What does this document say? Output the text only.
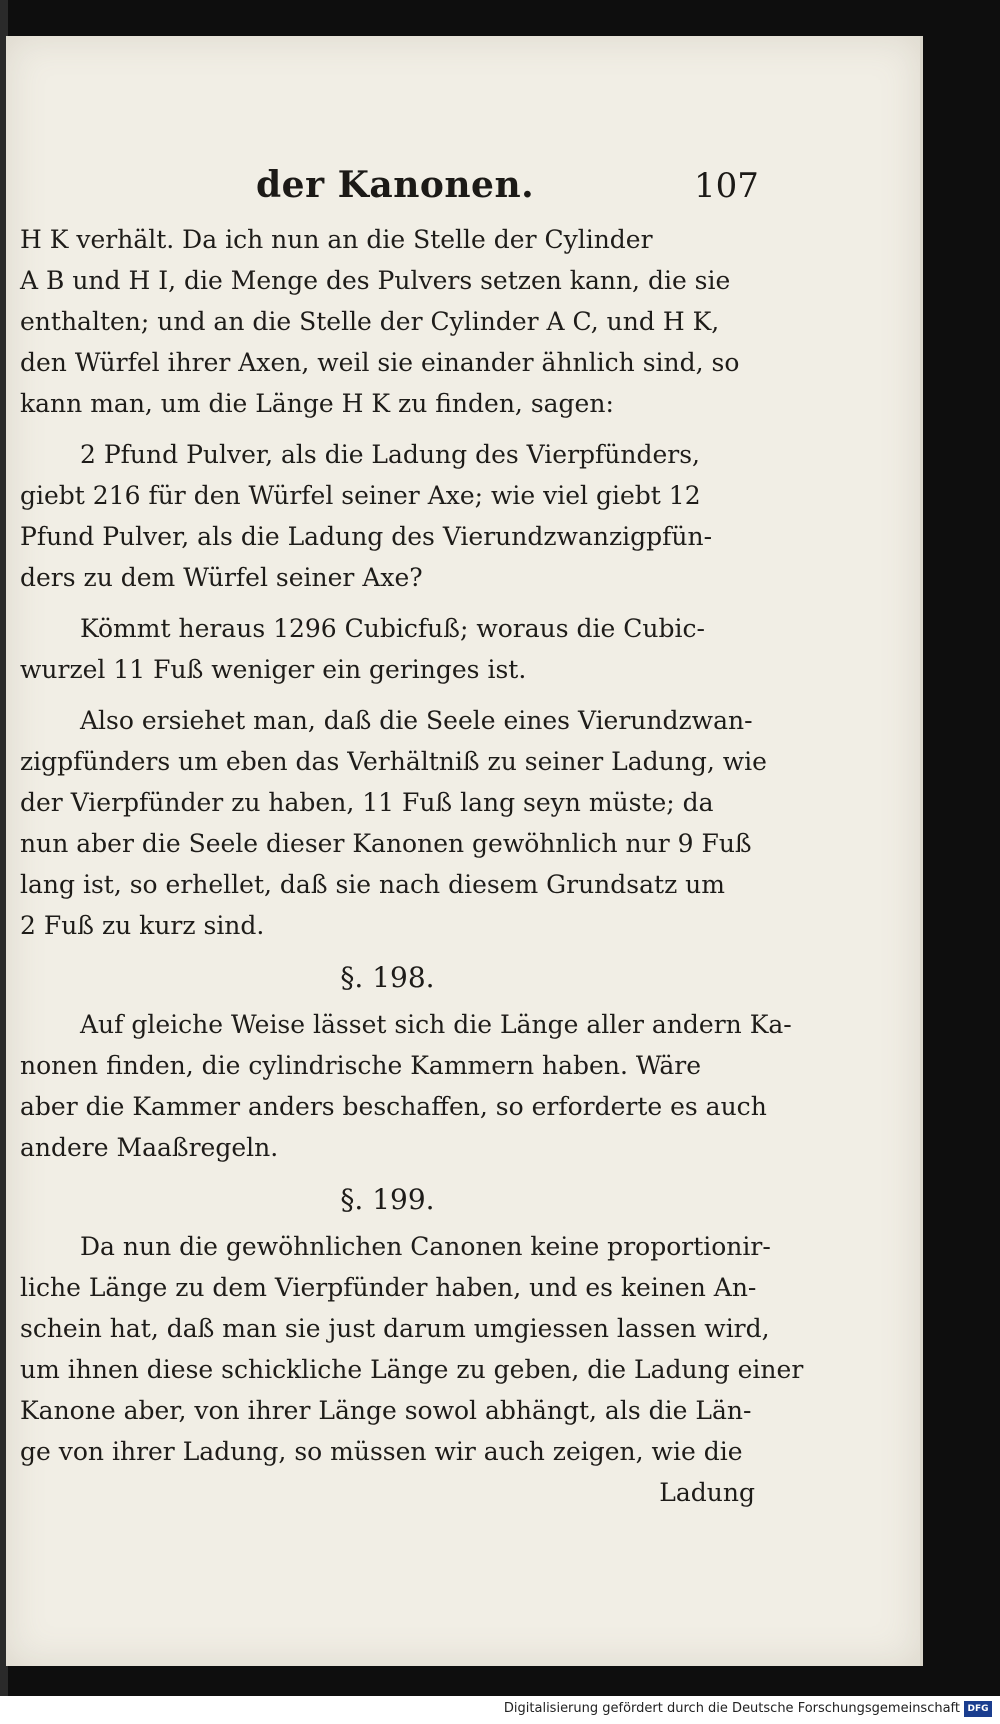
der Kanonen.	107
H K verhält. Da ich nun an die Stelle der Cylinder
A B und H I, die Menge des Pulvers setzen kann, die sie
enthalten; und an die Stelle der Cylinder A C, und H K,
den Würfel ihrer Axen, weil sie einander ähnlich sind, so
kann man, um die Länge H K zu finden, sagen:
2 Pfund Pulver, als die Ladung des Vierpfünders,
giebt 216 für den Würfel seiner Axe; wie viel giebt 12
Pfund Pulver, als die Ladung des Vierundzwanzigpfün-
ders zu dem Würfel seiner Axe?
Kömmt heraus 1296 Cubicfuß; woraus die Cubic-
wurzel 11 Fuß weniger ein geringes ist.
Also ersiehet man, daß die Seele eines Vierundzwan-
zigpfünders um eben das Verhältniß zu seiner Ladung, wie
der Vierpfünder zu haben, 11 Fuß lang seyn müste; da
nun aber die Seele dieser Kanonen gewöhnlich nur 9 Fuß
lang ist, so erhellet, daß sie nach diesem Grundsatz um
2 Fuß zu kurz sind.
§. 198.
Auf gleiche Weise lässet sich die Länge aller andern Ka-
nonen finden, die cylindrische Kammern haben. Wäre
aber die Kammer anders beschaffen, so erforderte es auch
andere Maaßregeln.
§. 199.
Da nun die gewöhnlichen Canonen keine proportionir-
liche Länge zu dem Vierpfünder haben, und es keinen An-
schein hat, daß man sie just darum umgiessen lassen wird,
um ihnen diese schickliche Länge zu geben, die Ladung einer
Kanone aber, von ihrer Länge sowol abhängt, als die Län-
ge von ihrer Ladung, so müssen wir auch zeigen, wie die
Ladung
Digitalisierung gefördert durch die Deutsche Forschungsgemeinschaft DFG
